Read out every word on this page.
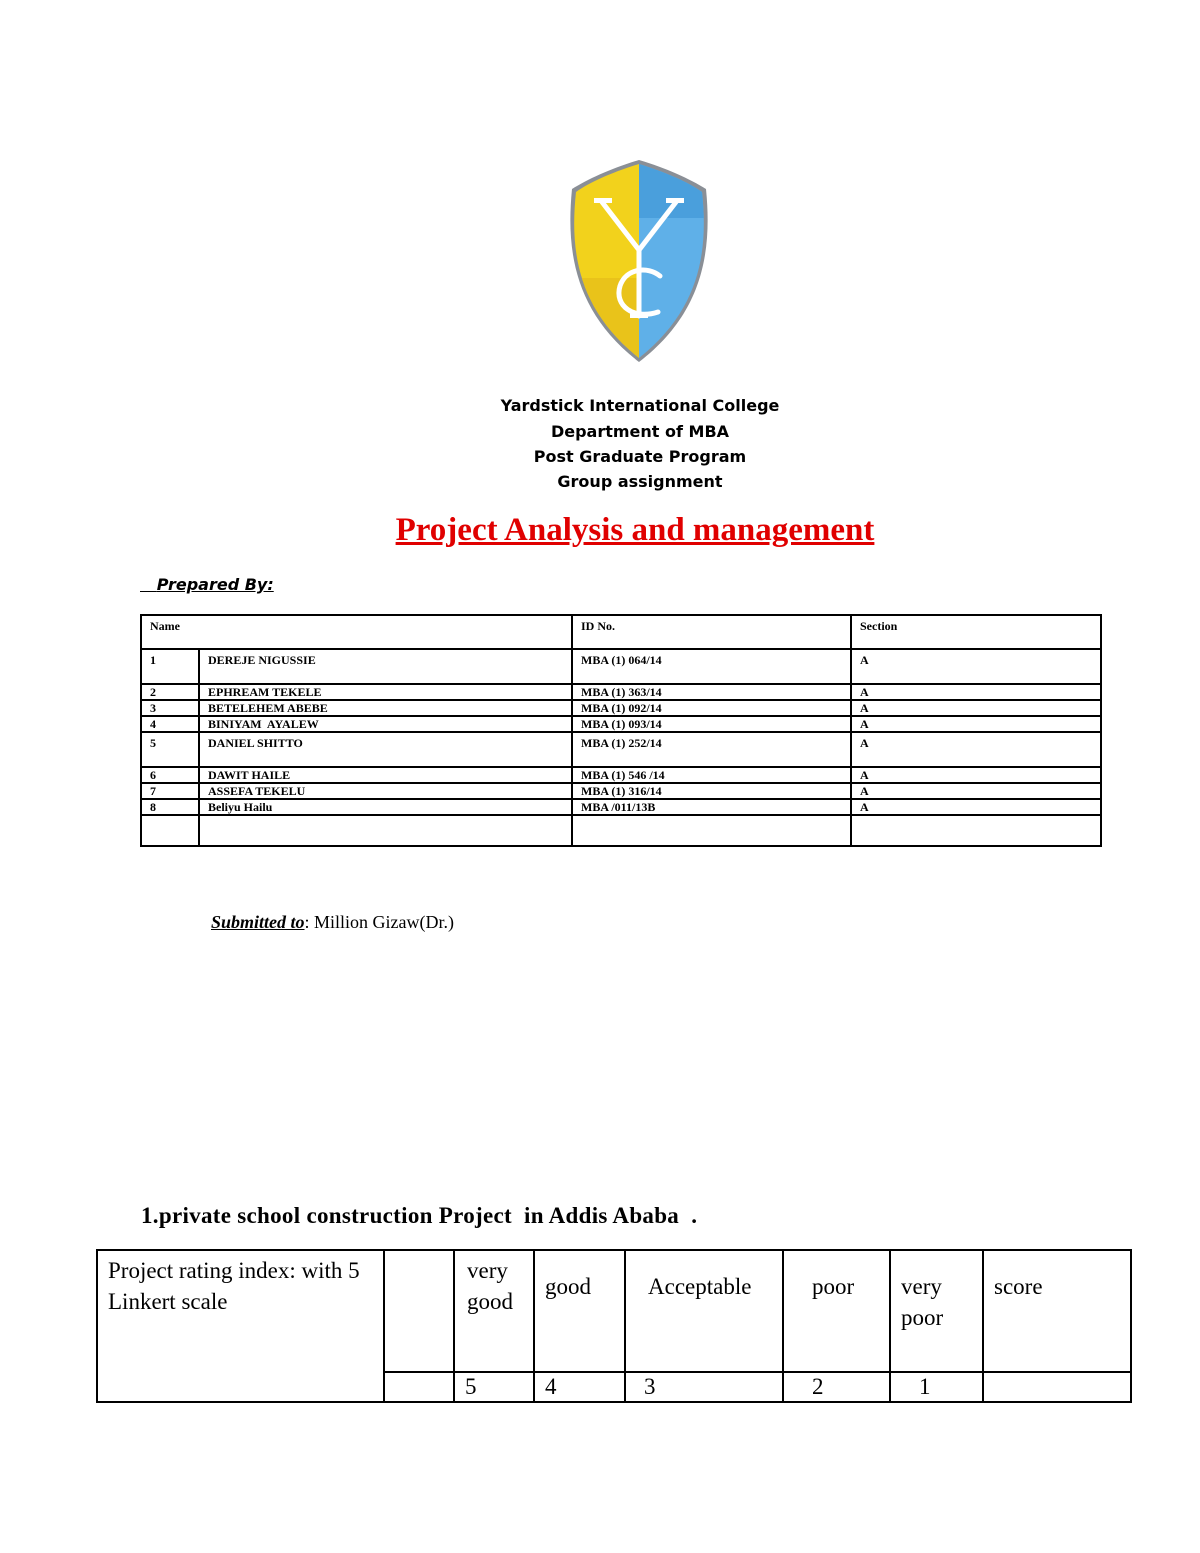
Yardstick International College
Department of MBA
Post Graduate Program
Group assignment
Project Analysis and management
Prepared By:
Name		ID No.	Section
1	DEREJE NIGUSSIE	MBA (1) 064/14	A
2	EPHREAM TEKELE	MBA (1) 363/14	A
3	BETELEHEM ABEBE	MBA (1) 092/14	A
4	BINIYAM  AYALEW	MBA (1) 093/14	A
5	DANIEL SHITTO	MBA (1) 252/14	A
6	DAWIT HAILE	MBA (1) 546 /14	A
7	ASSEFA TEKELU	MBA (1) 316/14	A
8	Beliyu Hailu	MBA /011/13B	A

Submitted to: Million Gizaw(Dr.)
1.private school construction Project  in Addis Ababa  .
Project rating index: with 5 Linkert scale		very good	good	Acceptable	poor	very poor	score
		5	4	3	2	1	
